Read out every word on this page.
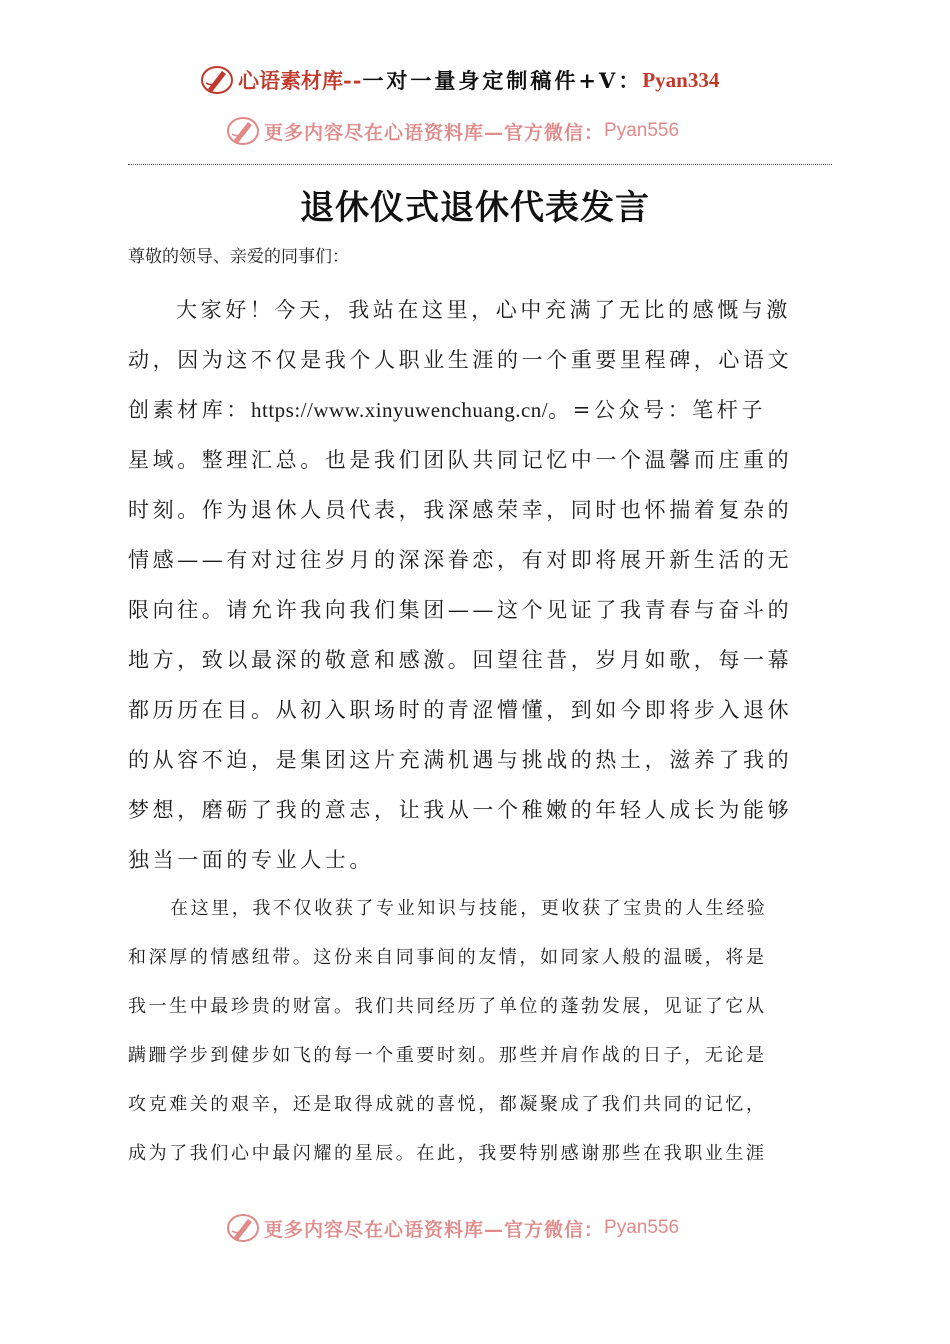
心语素材库 -- 一对一量身定制稿件+V： Pyan334
更多内容尽在心语资料库—官方微信： Pyan556
退休仪式退休代表发言
尊敬的领导、亲爱的同事们：
大家好！今天，我站在这里，心中充满了无比的感慨与激
动，因为这不仅是我个人职业生涯的一个重要里程碑，心语文
创素材库：https://www.xinyuwenchuang.cn/。=公众号：笔杆子
星域。整理汇总。也是我们团队共同记忆中一个温馨而庄重的
时刻。作为退休人员代表，我深感荣幸，同时也怀揣着复杂的
情感——有对过往岁月的深深眷恋，有对即将展开新生活的无
限向往。请允许我向我们集团——这个见证了我青春与奋斗的
地方，致以最深的敬意和感激。回望往昔，岁月如歌，每一幕
都历历在目。从初入职场时的青涩懵懂，到如今即将步入退休
的从容不迫，是集团这片充满机遇与挑战的热土，滋养了我的
梦想，磨砺了我的意志，让我从一个稚嫩的年轻人成长为能够
独当一面的专业人士。
在这里，我不仅收获了专业知识与技能，更收获了宝贵的人生经验
和深厚的情感纽带。这份来自同事间的友情，如同家人般的温暖，将是
我一生中最珍贵的财富。我们共同经历了单位的蓬勃发展，见证了它从
蹒跚学步到健步如飞的每一个重要时刻。那些并肩作战的日子，无论是
攻克难关的艰辛，还是取得成就的喜悦，都凝聚成了我们共同的记忆，
成为了我们心中最闪耀的星辰。在此，我要特别感谢那些在我职业生涯
更多内容尽在心语资料库—官方微信： Pyan556
